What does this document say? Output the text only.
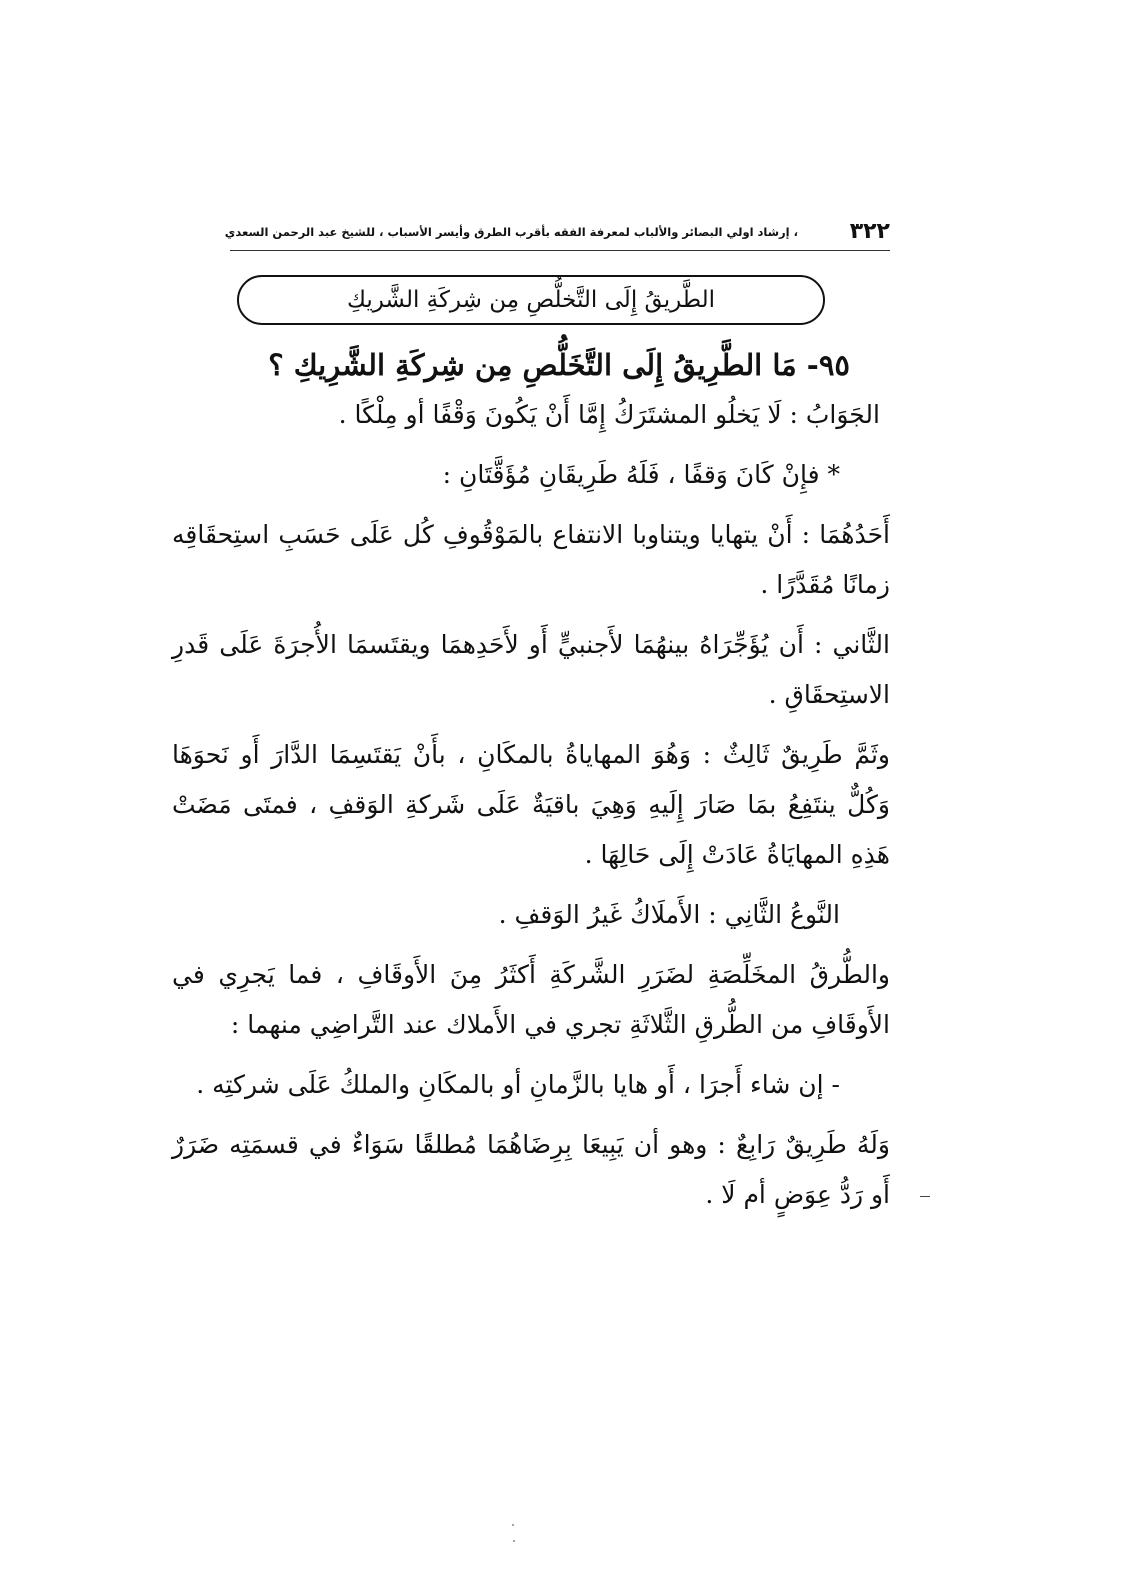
٣٢٢
، إرشاد اولي البصائر والألباب لمعرفة الفقه بأقرب الطرق وأيسر الأسباب ، للشيخ عبد الرحمن السعدي
الطَّريقُ إِلَى التَّخلُّصِ مِن شِركَةِ الشَّريكِ

٩٥- مَا الطَّرِيقُ إِلَى التَّخَلُّصِ مِن شِركَةِ الشَّرِيكِ ؟

الجَوَابُ : لَا يَخلُو المشتَرَكُ إِمَّا أَنْ يَكُونَ وَقْفًا أو مِلْكًا .

* فإِنْ كَانَ وَقفًا ، فَلَهُ طَرِيقَانِ مُؤَقَّتَانِ :

أَحَدُهُمَا : أَنْ يتهايا ويتناوبا الانتفاع بالمَوْقُوفِ كُل عَلَى حَسَبِ استِحقَاقِه زمانًا مُقَدَّرًا .

الثَّاني : أَن يُؤَجِّرَاهُ بينهُمَا لأَجنبيٍّ أَو لأَحَدِهمَا ويقتَسمَا الأُجرَةَ عَلَى قَدرِ الاستِحقَاقِ .

وثَمَّ طَرِيقٌ ثَالِثٌ : وَهُوَ المهاياةُ بالمكَانِ ، بأَنْ يَقتَسِمَا الدَّارَ أَو نَحوَهَا وَكُلٌّ ينتَفِعُ بمَا صَارَ إِلَيهِ وَهِيَ باقيَةٌ عَلَى شَركةِ الوَقفِ ، فمتَى مَضَتْ هَذِهِ المهايَاةُ عَادَتْ إِلَى حَالِهَا .

النَّوعُ الثَّانِي : الأَملَاكُ غَيرُ الوَقفِ .

والطُّرقُ المخَلِّصَةِ لضَرَرِ الشَّركَةِ أَكثَرُ مِنَ الأَوقَافِ ، فما يَجرِي في الأَوقَافِ من الطُّرقِ الثَّلاثَةِ تجري في الأَملاك عند التَّراضِي منهما :

- إن شاء أَجرَا ، أَو هايا بالزَّمانِ أو بالمكَانِ والملكُ عَلَى شركتِه .

وَلَهُ طَرِيقٌ رَابِعٌ : وهو أن يَبِيعَا بِرِضَاهُمَا مُطلقًا سَوَاءٌ في قسمَتِه ضَرَرٌ أَو رَدُّ عِوَضٍ أم لَا .
